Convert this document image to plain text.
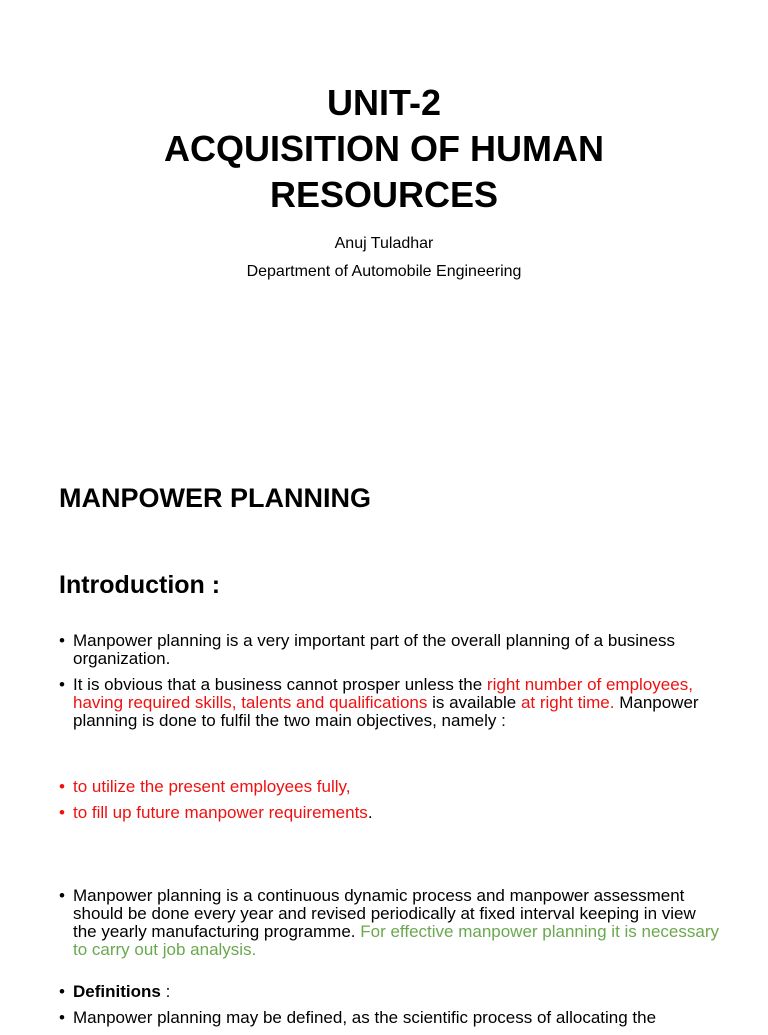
UNIT-2

ACQUISITION OF HUMAN

RESOURCES

Anuj Tuladhar

Department of Automobile Engineering

MANPOWER PLANNING
Introduction :
• Manpower planning is a very important part of the overall planning of a business organization.
• It is obvious that a business cannot prosper unless the right number of employees, having required skills, talents and qualifications is available at right time. Manpower planning is done to fulfil the two main objectives, namely :
• to utilize the present employees fully,
• to fill up future manpower requirements.
• Manpower planning is a continuous dynamic process and manpower assessment should be done every year and revised periodically at fixed interval keeping in view the yearly manufacturing programme. For effective manpower planning it is necessary to carry out job analysis.
• Definitions :
• Manpower planning may be defined, as the scientific process of allocating the
